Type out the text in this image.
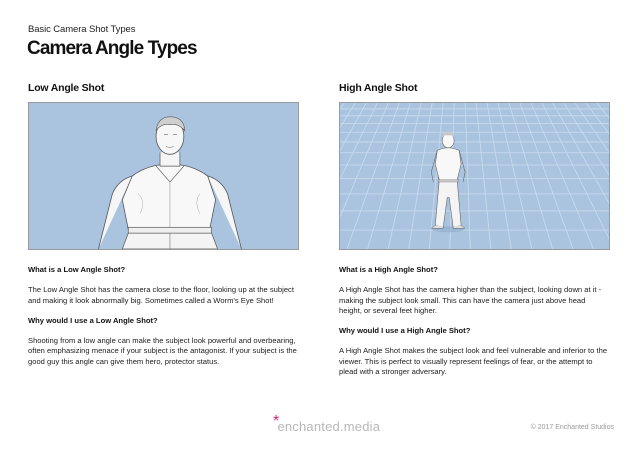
Basic Camera Shot Types
Camera Angle Types
Low Angle Shot

What is a Low Angle Shot?

The Low Angle Shot has the camera close to the floor, looking up at the subject and making it look abnormally big. Sometimes called a Worm's Eye Shot!

Why would I use a Low Angle Shot?

Shooting from a low angle can make the subject look powerful and overbearing, often emphasizing menace if your subject is the antagonist. If your subject is the good guy this angle can give them hero, protector status.

High Angle Shot

What is a High Angle Shot?

A High Angle Shot has the camera higher than the subject, looking down at it - making the subject look small. This can have the camera just above head height, or several feet higher.

Why would I use a High Angle Shot?

A High Angle Shot makes the subject look and feel vulnerable and inferior to the viewer. This is perfect to visually represent feelings of fear, or the attempt to plead with a stronger adversary.

*enchanted.media	© 2017 Enchanted Studios
